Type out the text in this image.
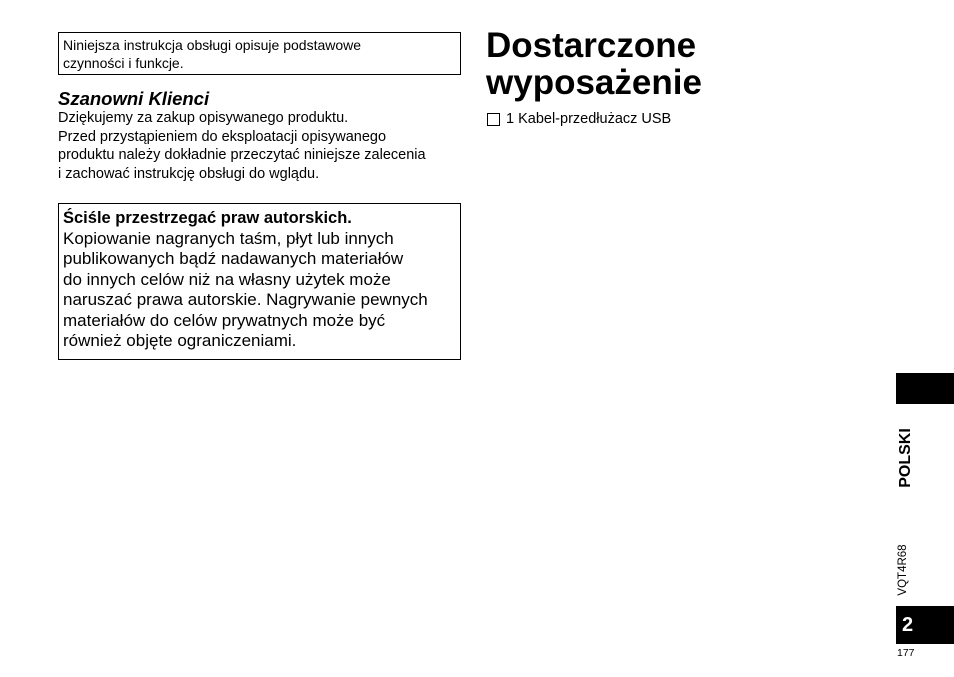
Niniejsza instrukcja obsługi opisuje podstawowe
czynności i funkcje.
Szanowni Klienci

Dziękujemy za zakup opisywanego produktu.
Przed przystąpieniem do eksploatacji opisywanego
produktu należy dokładnie przeczytać niniejsze zalecenia
i zachować instrukcję obsługi do wglądu.

Ściśle przestrzegać praw autorskich.
Kopiowanie nagranych taśm, płyt lub innych
publikowanych bądź nadawanych materiałów
do innych celów niż na własny użytek może
naruszać prawa autorskie. Nagrywanie pewnych
materiałów do celów prywatnych może być
również objęte ograniczeniami.
Dostarczone
wyposażenie
1 Kabel-przedłużacz USB
POLSKI
VQT4R68
2
177
